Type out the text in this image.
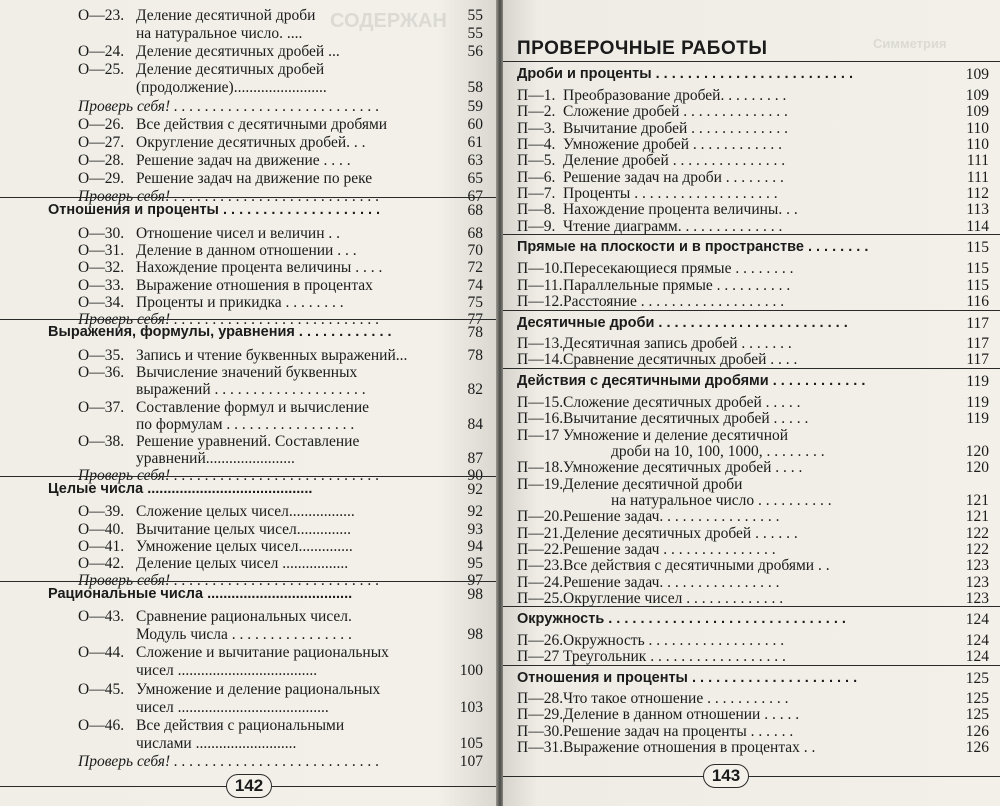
СОДЕРЖАН
О—23. Деление десятичной дроби	55
на натуральное число. ....	55
О—24. Деление десятичных дробей ...	56
О—25. Деление десятичных дробей
(продолжение)........................	58
Проверь себя! . . . . . . . . . . . . . . . . . . . . . . . . . . .	59
О—26. Все действия с десятичными дробями	60
О—27. Округление десятичных дробей. . .	61
О—28. Решение задач на движение . . . .	63
О—29. Решение задач на движение по реке	65
Проверь себя! . . . . . . . . . . . . . . . . . . . . . . . . . . .	67
Отношения и проценты . . . . . . . . . . . . . . . . . . . .	68
О—30. Отношение чисел и величин . .	68
О—31. Деление в данном отношении . . .	70
О—32. Нахождение процента величины . . . .	72
О—33. Выражение отношения в процентах	74
О—34. Проценты и прикидка . . . . . . . .	75
Проверь себя! . . . . . . . . . . . . . . . . . . . . . . . . . . .	77
Выражения, формулы, уравнения . . . . . . . . . . . .	78
О—35. Запись и чтение буквенных выражений...	78
О—36. Вычисление значений буквенных
выражений . . . . . . . . . . . . . . . . . . . .	82
О—37. Составление формул и вычисление
по формулам . . . . . . . . . . . . . . . . .	84
О—38. Решение уравнений. Составление
уравнений.......................	87
Проверь себя! . . . . . . . . . . . . . . . . . . . . . . . . . . .	90
Целые числа .........................................	92
О—39. Сложение целых чисел.................	92
О—40. Вычитание целых чисел..............	93
О—41. Умножение целых чисел..............	94
О—42. Деление целых чисел .................	95
Проверь себя! . . . . . . . . . . . . . . . . . . . . . . . . . . .	97
Рациональные числа ....................................	98
О—43. Сравнение рациональных чисел.
Модуль числа . . . . . . . . . . . . . . . .	98
О—44. Сложение и вычитание рациональных
чисел ....................................	100
О—45. Умножение и деление рациональных
чисел .......................................	103
О—46. Все действия с рациональными
числами ..........................	105
Проверь себя! . . . . . . . . . . . . . . . . . . . . . . . . . . .	107
142
Симметрия
ПРОВЕРОЧНЫЕ РАБОТЫ
Дроби и проценты . . . . . . . . . . . . . . . . . . . . . . . . .	109
П—1. Преобразование дробей. . . . . . . . .	109
П—2. Сложение дробей . . . . . . . . . . . . . .	109
П—3. Вычитание дробей . . . . . . . . . . . . .	110
П—4. Умножение дробей . . . . . . . . . . . .	110
П—5. Деление дробей . . . . . . . . . . . . . . .	111
П—6. Решение задач на дроби . . . . . . . .	111
П—7. Проценты . . . . . . . . . . . . . . . . . . .	112
П—8. Нахождение процента величины. . .	113
П—9. Чтение диаграмм. . . . . . . . . . . . . .	114
Прямые на плоскости и в пространстве . . . . . . . .	115
П—10. Пересекающиеся прямые . . . . . . . .	115
П—11. Параллельные прямые . . . . . . . . . .	115
П—12. Расстояние . . . . . . . . . . . . . . . . . . .	116
Десятичные дроби . . . . . . . . . . . . . . . . . . . . . . . .	117
П—13. Десятичная запись дробей . . . . . . .	117
П—14. Сравнение десятичных дробей . . . .	117
Действия с десятичными дробями . . . . . . . . . . . .	119
П—15. Сложение десятичных дробей . . . . .	119
П—16. Вычитание десятичных дробей . . . . .	119
П—17 Умножение и деление десятичной
дроби на 10, 100, 1000, . . . . . . . .	120
П—18. Умножение десятичных дробей . . . .	120
П—19. Деление десятичной дроби
на натуральное число . . . . . . . . . .	121
П—20. Решение задач. . . . . . . . . . . . . . . .	121
П—21. Деление десятичных дробей . . . . . .	122
П—22. Решение задач . . . . . . . . . . . . . . .	122
П—23. Все действия с десятичными дробями . .	123
П—24. Решение задач. . . . . . . . . . . . . . . .	123
П—25. Округление чисел . . . . . . . . . . . . .	123
Окружность . . . . . . . . . . . . . . . . . . . . . . . . . . . . . .	124
П—26. Окружность . . . . . . . . . . . . . . . . . .	124
П—27 Треугольник . . . . . . . . . . . . . . . . . .	124
Отношения и проценты . . . . . . . . . . . . . . . . . . . . .	125
П—28. Что такое отношение . . . . . . . . . . .	125
П—29. Деление в данном отношении . . . . .	125
П—30. Решение задач на проценты . . . . . .	126
П—31. Выражение отношения в процентах . .	126
143
